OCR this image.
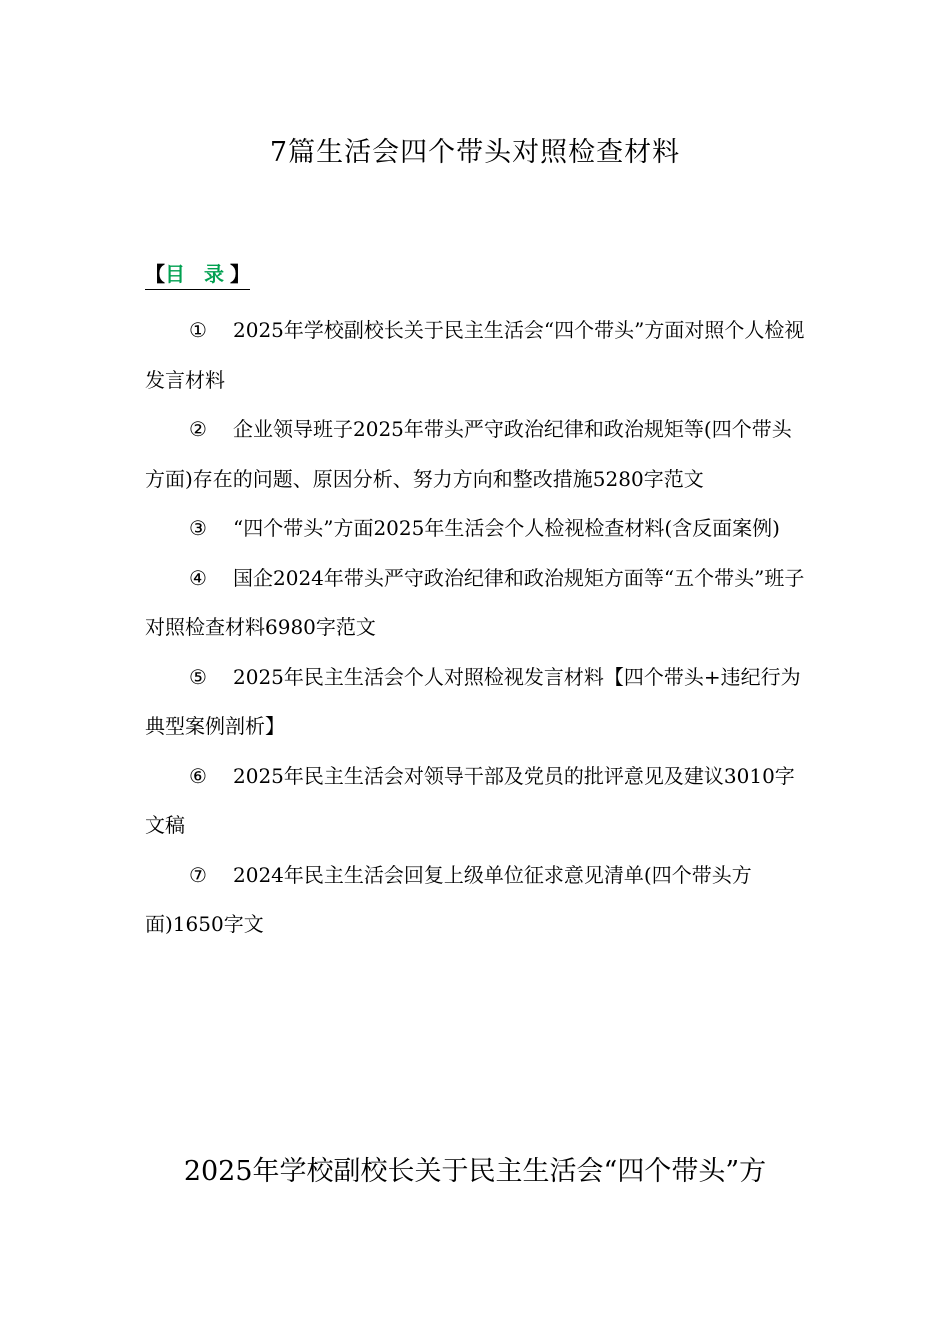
7篇生活会四个带头对照检查材料
【目 录】
① 2025年学校副校长关于民主生活会“四个带头”方面对照个人检视发言材料
② 企业领导班子2025年带头严守政治纪律和政治规矩等(四个带头方面)存在的问题、原因分析、努力方向和整改措施5280字范文
③ “四个带头”方面2025年生活会个人检视检查材料(含反面案例)
④ 国企2024年带头严守政治纪律和政治规矩方面等“五个带头”班子对照检查材料6980字范文
⑤ 2025年民主生活会个人对照检视发言材料【四个带头+违纪行为典型案例剖析】
⑥ 2025年民主生活会对领导干部及党员的批评意见及建议3010字文稿
⑦ 2024年民主生活会回复上级单位征求意见清单(四个带头方面)1650字文
2025年学校副校长关于民主生活会“四个带头”方
